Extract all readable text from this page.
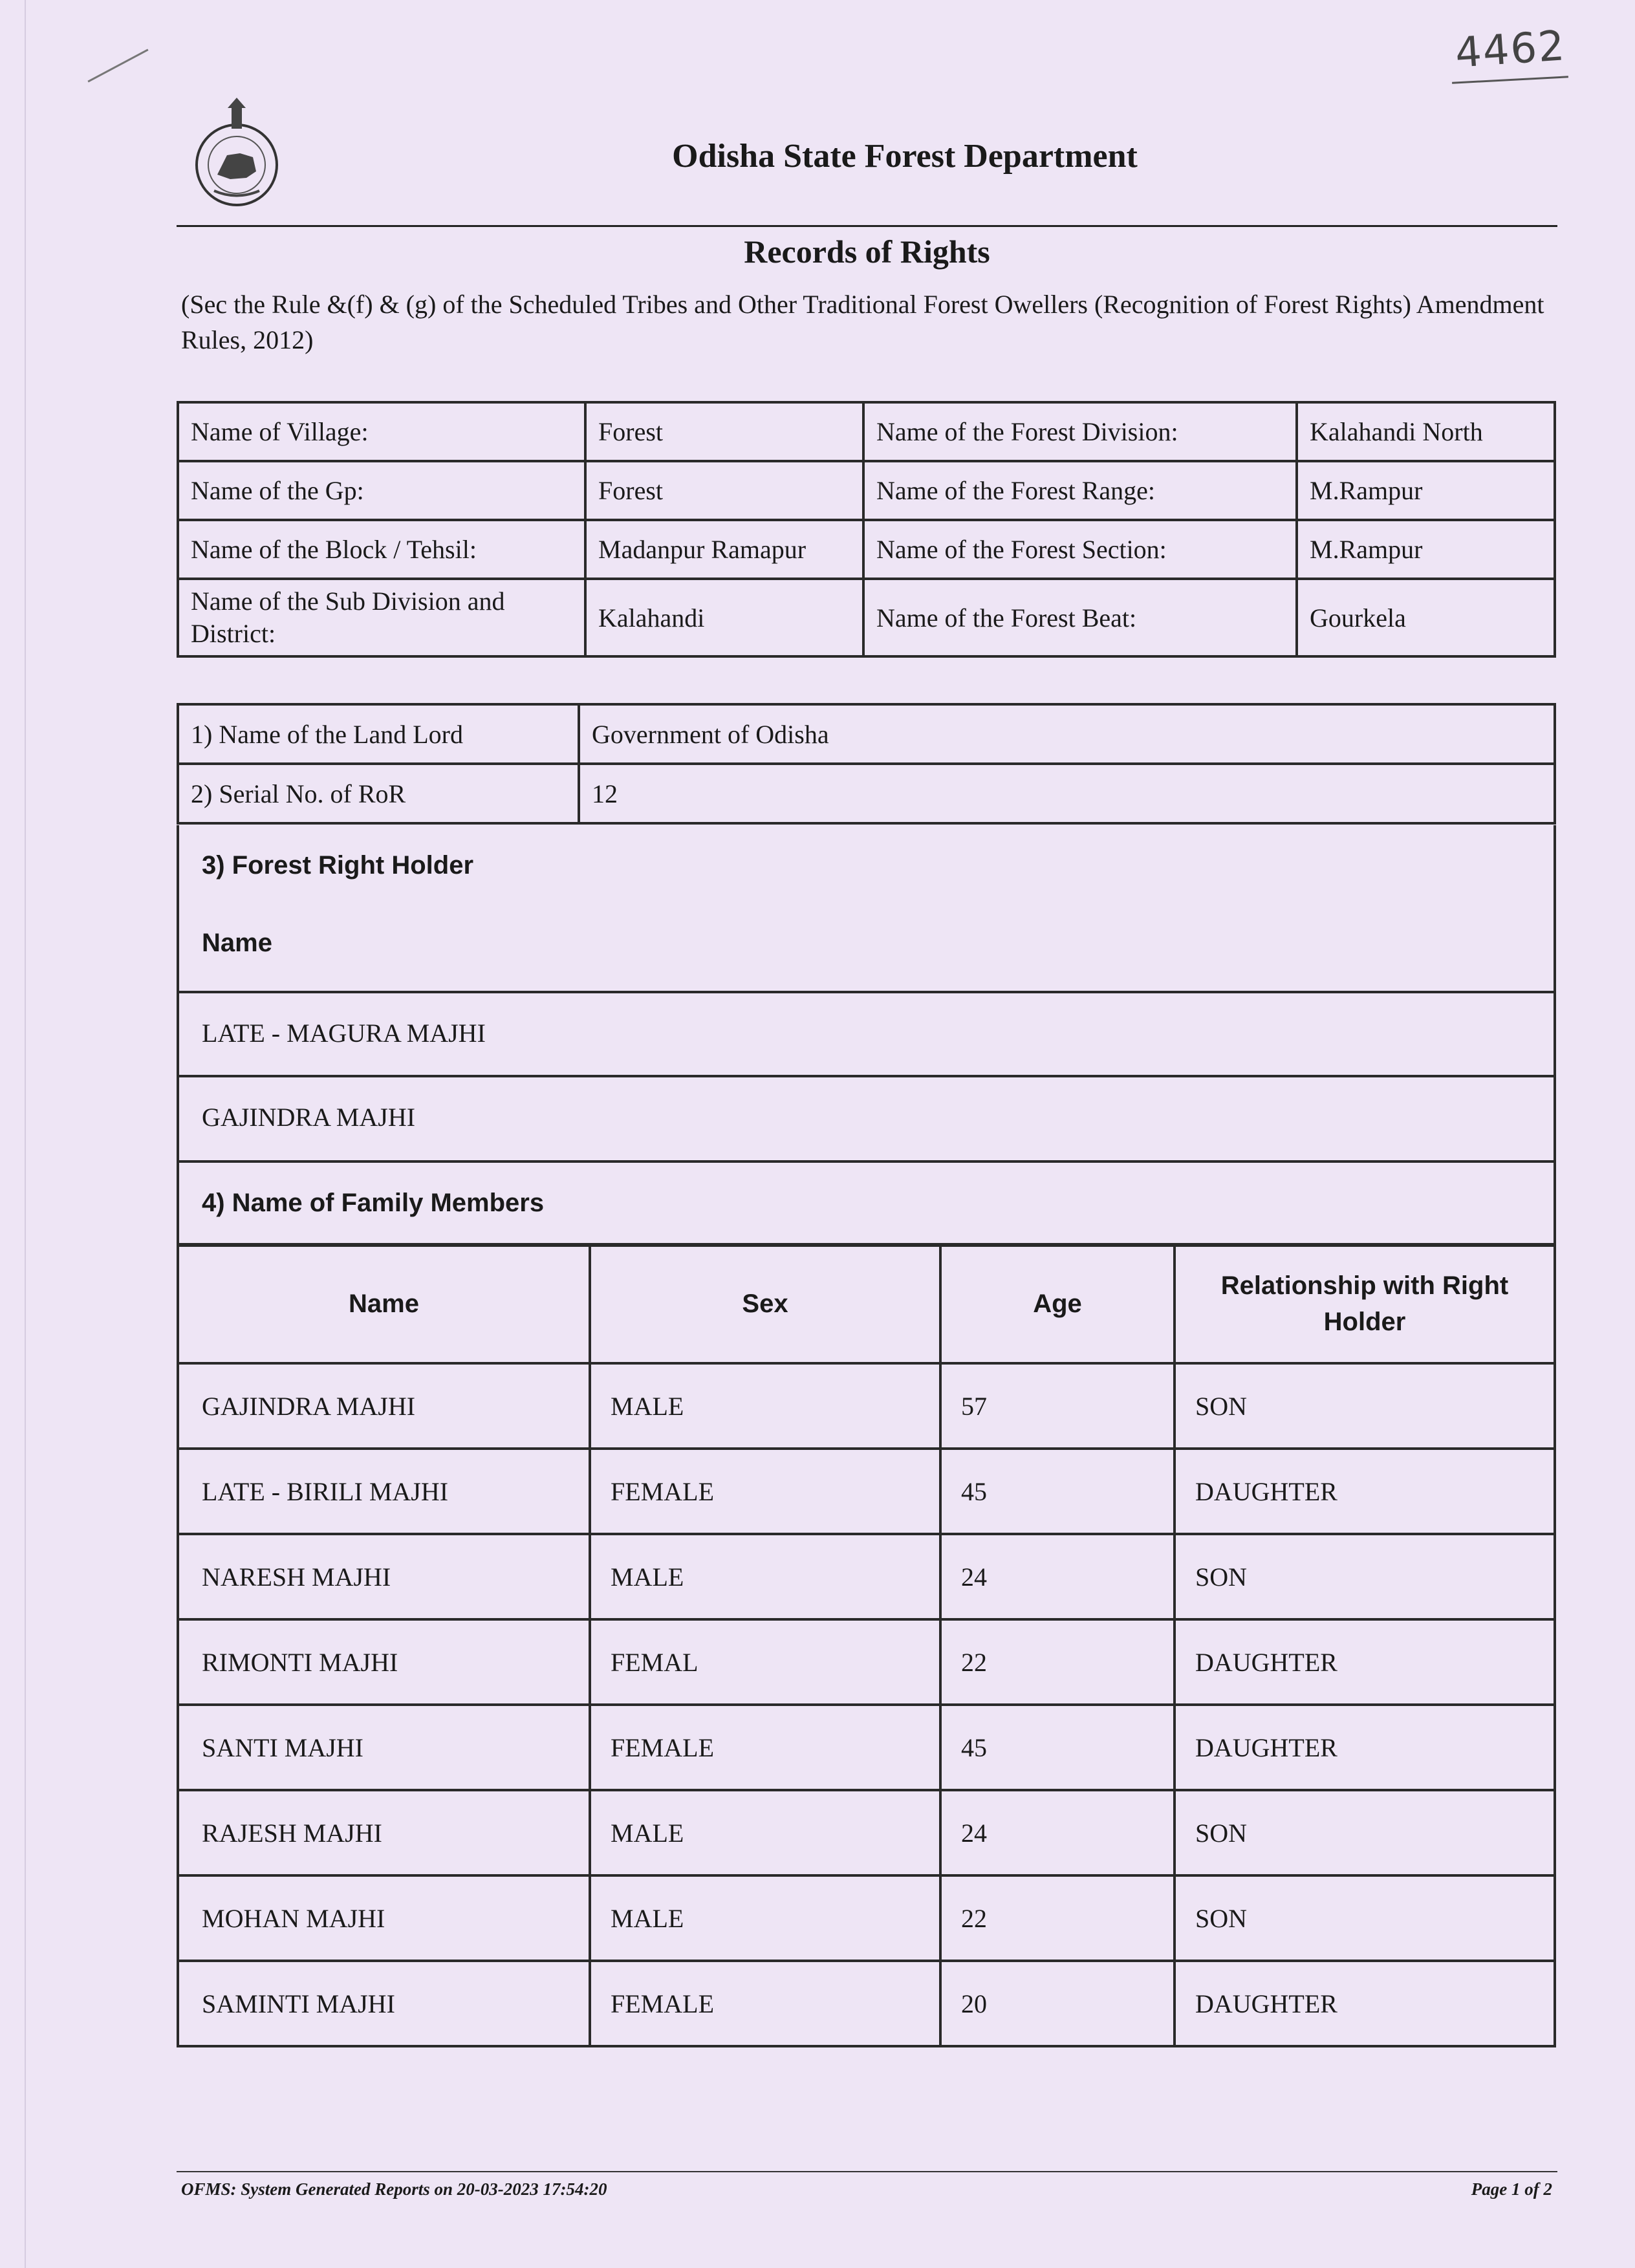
4462
Odisha State Forest Department
Records of Rights
(Sec the Rule &(f) & (g) of the Scheduled Tribes and Other Traditional Forest Owellers (Recognition of Forest Rights) Amendment Rules, 2012)
Name of Village:	Forest	Name of the Forest Division:	Kalahandi North
Name of the Gp:	Forest	Name of the Forest Range:	M.Rampur
Name of the Block / Tehsil:	Madanpur Ramapur	Name of the Forest Section:	M.Rampur
Name of the Sub Division and District:	Kalahandi	Name of the Forest Beat:	Gourkela
1) Name of the Land Lord	Government of Odisha
2) Serial No. of RoR	12
3) Forest Right Holder
Name
LATE - MAGURA MAJHI
GAJINDRA MAJHI
4) Name of Family Members
Name	Sex	Age	Relationship with Right Holder
GAJINDRA MAJHI	MALE	57	SON
LATE - BIRILI MAJHI	FEMALE	45	DAUGHTER
NARESH MAJHI	MALE	24	SON
RIMONTI MAJHI	FEMAL	22	DAUGHTER
SANTI MAJHI	FEMALE	45	DAUGHTER
RAJESH MAJHI	MALE	24	SON
MOHAN MAJHI	MALE	22	SON
SAMINTI MAJHI	FEMALE	20	DAUGHTER
OFMS: System Generated Reports on 20-03-2023 17:54:20	Page 1 of 2
